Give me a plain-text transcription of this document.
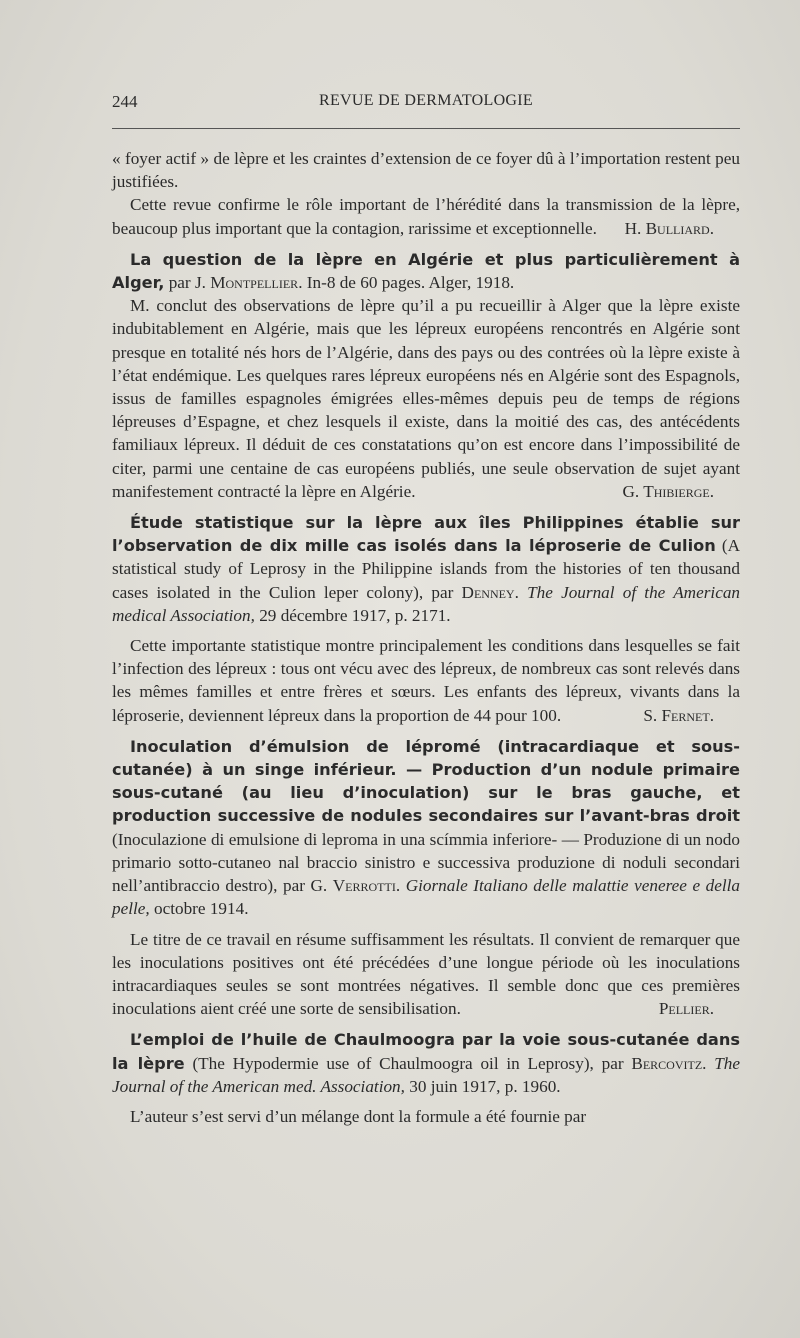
244	REVUE DE DERMATOLOGIE

« foyer actif » de lèpre et les craintes d’extension de ce foyer dû à l’importation restent peu justifiées.

Cette revue confirme le rôle important de l’hérédité dans la transmission de la lèpre, beaucoup plus important que la contagion, rarissime et exceptionnelle.	H. Bulliard.

La question de la lèpre en Algérie et plus particulièrement à Alger, par J. Montpellier. In-8 de 60 pages. Alger, 1918.

M. conclut des observations de lèpre qu’il a pu recueillir à Alger que la lèpre existe indubitablement en Algérie, mais que les lépreux européens rencontrés en Algérie sont presque en totalité nés hors de l’Algérie, dans des pays ou des contrées où la lèpre existe à l’état endémique. Les quelques rares lépreux européens nés en Algérie sont des Espagnols, issus de familles espagnoles émigrées elles-mêmes depuis peu de temps de régions lépreuses d’Espagne, et chez lesquels il existe, dans la moitié des cas, des antécédents familiaux lépreux. Il déduit de ces constatations qu’on est encore dans l’impossibilité de citer, parmi une centaine de cas européens publiés, une seule observation de sujet ayant manifestement contracté la lèpre en Algérie.	G. Thibierge.

Étude statistique sur la lèpre aux îles Philippines établie sur l’observation de dix mille cas isolés dans la léproserie de Culion (A statistical study of Leprosy in the Philippine islands from the histories of ten thousand cases isolated in the Culion leper colony), par Denney. The Journal of the American medical Association, 29 décembre 1917, p. 2171.

Cette importante statistique montre principalement les conditions dans lesquelles se fait l’infection des lépreux : tous ont vécu avec des lépreux, de nombreux cas sont relevés dans les mêmes familles et entre frères et sœurs. Les enfants des lépreux, vivants dans la léproserie, deviennent lépreux dans la proportion de 44 pour 100.	S. Fernet.

Inoculation d’émulsion de lépromé (intracardiaque et sous-cutanée) à un singe inférieur. — Production d’un nodule primaire sous-cutané (au lieu d’inoculation) sur le bras gauche, et production successive de nodules secondaires sur l’avant-bras droit (Inoculazione di emulsione di leproma in una scímmia inferiore- — Produzione di un nodo primario sotto-cutaneo nal braccio sinistro e successiva produzione di noduli secondari nell’antibraccio destro), par G. Verrotti. Giornale Italiano delle malattie veneree e della pelle, octobre 1914.

Le titre de ce travail en résume suffisamment les résultats. Il convient de remarquer que les inoculations positives ont été précédées d’une longue période où les inoculations intracardiaques seules se sont montrées négatives. Il semble donc que ces premières inoculations aient créé une sorte de sensibilisation.	Pellier.

L’emploi de l’huile de Chaulmoogra par la voie sous-cutanée dans la lèpre (The Hypodermie use of Chaulmoogra oil in Leprosy), par Bercovitz. The Journal of the American med. Association, 30 juin 1917, p. 1960.

L’auteur s’est servi d’un mélange dont la formule a été fournie par
